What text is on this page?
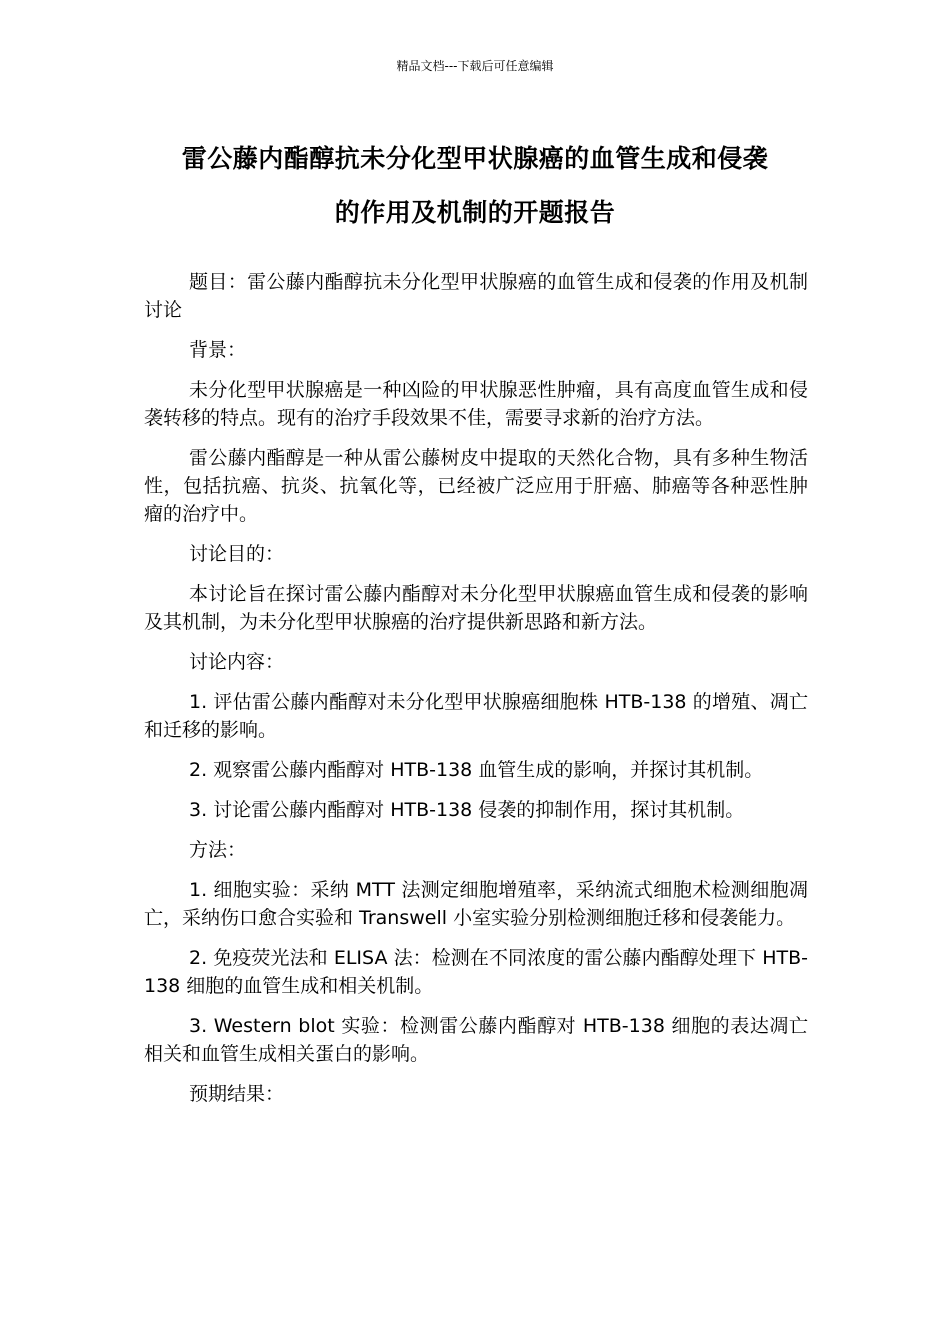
精品文档---下载后可任意编辑
雷公藤内酯醇抗未分化型甲状腺癌的血管生成和侵袭
的作用及机制的开题报告

题目：雷公藤内酯醇抗未分化型甲状腺癌的血管生成和侵袭的作用及机制讨论

背景：

未分化型甲状腺癌是一种凶险的甲状腺恶性肿瘤，具有高度血管生成和侵袭转移的特点。现有的治疗手段效果不佳，需要寻求新的治疗方法。

雷公藤内酯醇是一种从雷公藤树皮中提取的天然化合物，具有多种生物活性，包括抗癌、抗炎、抗氧化等，已经被广泛应用于肝癌、肺癌等各种恶性肿瘤的治疗中。

讨论目的：

本讨论旨在探讨雷公藤内酯醇对未分化型甲状腺癌血管生成和侵袭的影响及其机制，为未分化型甲状腺癌的治疗提供新思路和新方法。

讨论内容：

1. 评估雷公藤内酯醇对未分化型甲状腺癌细胞株 HTB-138 的增殖、凋亡和迁移的影响。

2. 观察雷公藤内酯醇对 HTB-138 血管生成的影响，并探讨其机制。

3. 讨论雷公藤内酯醇对 HTB-138 侵袭的抑制作用，探讨其机制。

方法：

1. 细胞实验：采纳 MTT 法测定细胞增殖率，采纳流式细胞术检测细胞凋亡，采纳伤口愈合实验和 Transwell 小室实验分别检测细胞迁移和侵袭能力。

2. 免疫荧光法和 ELISA 法：检测在不同浓度的雷公藤内酯醇处理下 HTB-138 细胞的血管生成和相关机制。

3. Western blot 实验：检测雷公藤内酯醇对 HTB-138 细胞的表达凋亡相关和血管生成相关蛋白的影响。

预期结果：
